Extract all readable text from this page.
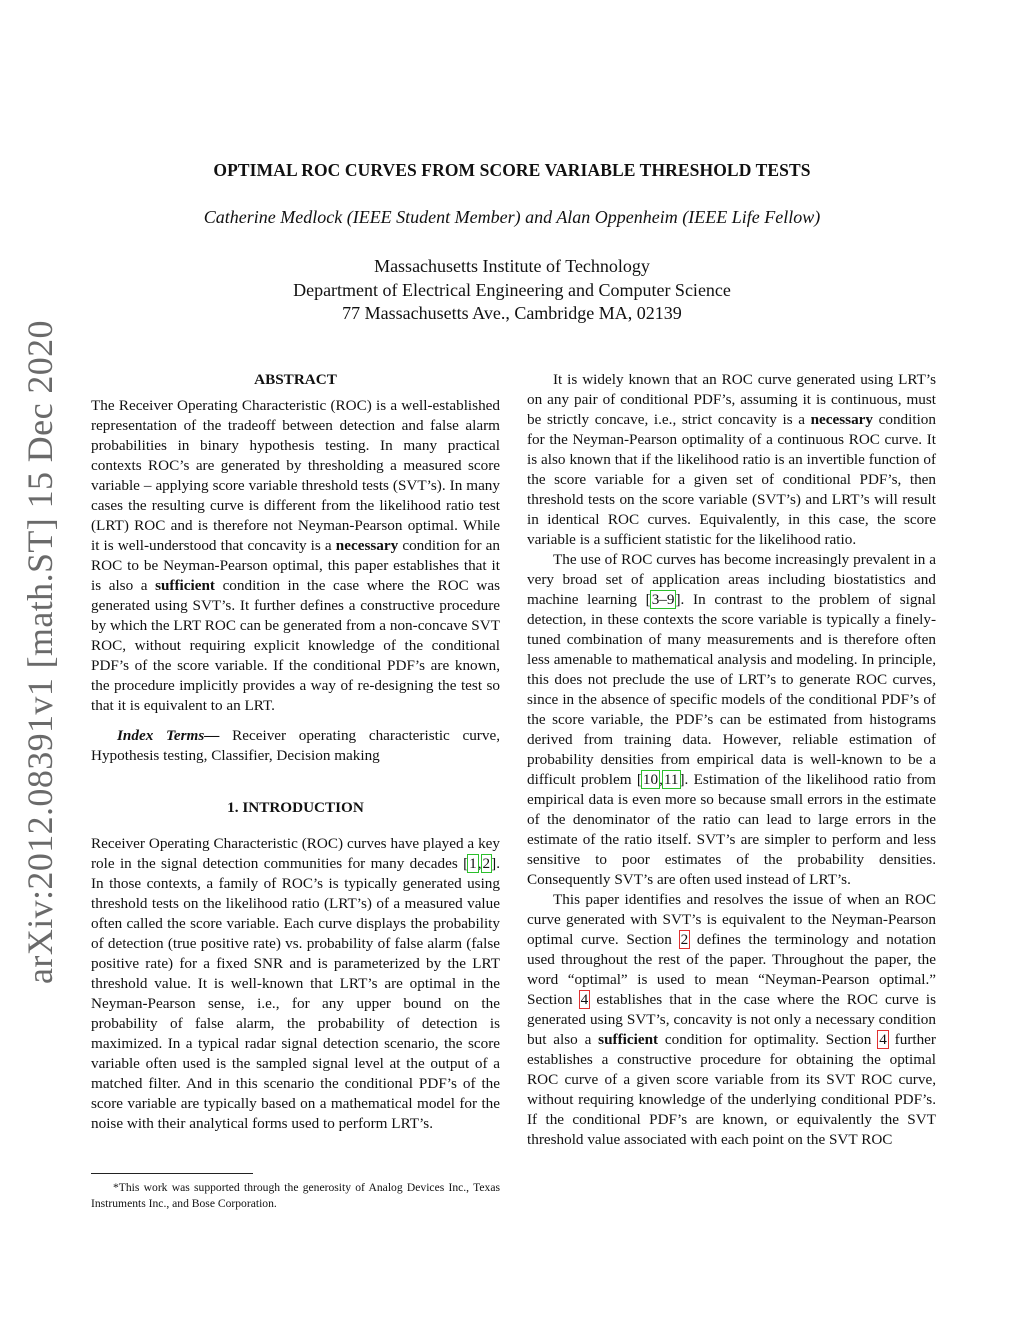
OPTIMAL ROC CURVES FROM SCORE VARIABLE THRESHOLD TESTS
Catherine Medlock (IEEE Student Member) and Alan Oppenheim (IEEE Life Fellow)
Massachusetts Institute of Technology
Department of Electrical Engineering and Computer Science
77 Massachusetts Ave., Cambridge MA, 02139
arXiv:2012.08391v1 [math.ST] 15 Dec 2020	ABSTRACT

The Receiver Operating Characteristic (ROC) is a well-established representation of the tradeoff between detection and false alarm probabilities in binary hypothesis testing. In many practical contexts ROC’s are generated by thresholding a measured score variable – applying score variable threshold tests (SVT’s). In many cases the resulting curve is different from the likelihood ratio test (LRT) ROC and is therefore not Neyman-Pearson optimal. While it is well-understood that concavity is a necessary condition for an ROC to be Neyman-Pearson optimal, this paper establishes that it is also a sufficient condition in the case where the ROC was generated using SVT’s. It further defines a constructive procedure by which the LRT ROC can be generated from a non-concave SVT ROC, without requiring explicit knowledge of the conditional PDF’s of the score variable. If the conditional PDF’s are known, the procedure implicitly provides a way of re-designing the test so that it is equivalent to an LRT.

Index Terms— Receiver operating characteristic curve, Hypothesis testing, Classifier, Decision making

1. INTRODUCTION

Receiver Operating Characteristic (ROC) curves have played a key role in the signal detection communities for many decades [1,2]. In those contexts, a family of ROC’s is typically generated using threshold tests on the likelihood ratio (LRT’s) of a measured value often called the score variable. Each curve displays the probability of detection (true positive rate) vs. probability of false alarm (false positive rate) for a fixed SNR and is parameterized by the LRT threshold value. It is well-known that LRT’s are optimal in the Neyman-Pearson sense, i.e., for any upper bound on the probability of false alarm, the probability of detection is maximized. In a typical radar signal detection scenario, the score variable often used is the sampled signal level at the output of a matched filter. And in this scenario the conditional PDF’s of the score variable are typically based on a mathematical model for the noise with their analytical forms used to perform LRT’s.

*This work was supported through the generosity of Analog Devices Inc., Texas Instruments Inc., and Bose Corporation.

It is widely known that an ROC curve generated using LRT’s on any pair of conditional PDF’s, assuming it is continuous, must be strictly concave, i.e., strict concavity is a necessary condition for the Neyman-Pearson optimality of a continuous ROC curve. It is also known that if the likelihood ratio is an invertible function of the score variable for a given set of conditional PDF’s, then threshold tests on the score variable (SVT’s) and LRT’s will result in identical ROC curves. Equivalently, in this case, the score variable is a sufficient statistic for the likelihood ratio.

The use of ROC curves has become increasingly prevalent in a very broad set of application areas including biostatistics and machine learning [3–9]. In contrast to the problem of signal detection, in these contexts the score variable is typically a finely-tuned combination of many measurements and is therefore often less amenable to mathematical analysis and modeling. In principle, this does not preclude the use of LRT’s to generate ROC curves, since in the absence of specific models of the conditional PDF’s of the score variable, the PDF’s can be estimated from histograms derived from training data. However, reliable estimation of probability densities from empirical data is well-known to be a difficult problem [10,11]. Estimation of the likelihood ratio from empirical data is even more so because small errors in the estimate of the denominator of the ratio can lead to large errors in the estimate of the ratio itself. SVT’s are simpler to perform and less sensitive to poor estimates of the probability densities. Consequently SVT’s are often used instead of LRT’s.

This paper identifies and resolves the issue of when an ROC curve generated with SVT’s is equivalent to the Neyman-Pearson optimal curve. Section 2 defines the terminology and notation used throughout the rest of the paper. Throughout the paper, the word “optimal” is used to mean “Neyman-Pearson optimal.” Section 4 establishes that in the case where the ROC curve is generated using SVT’s, concavity is not only a necessary condition but also a sufficient condition for optimality. Section 4 further establishes a constructive procedure for obtaining the optimal ROC curve of a given score variable from its SVT ROC curve, without requiring knowledge of the underlying conditional PDF’s. If the conditional PDF’s are known, or equivalently the SVT threshold value associated with each point on the SVT ROC
